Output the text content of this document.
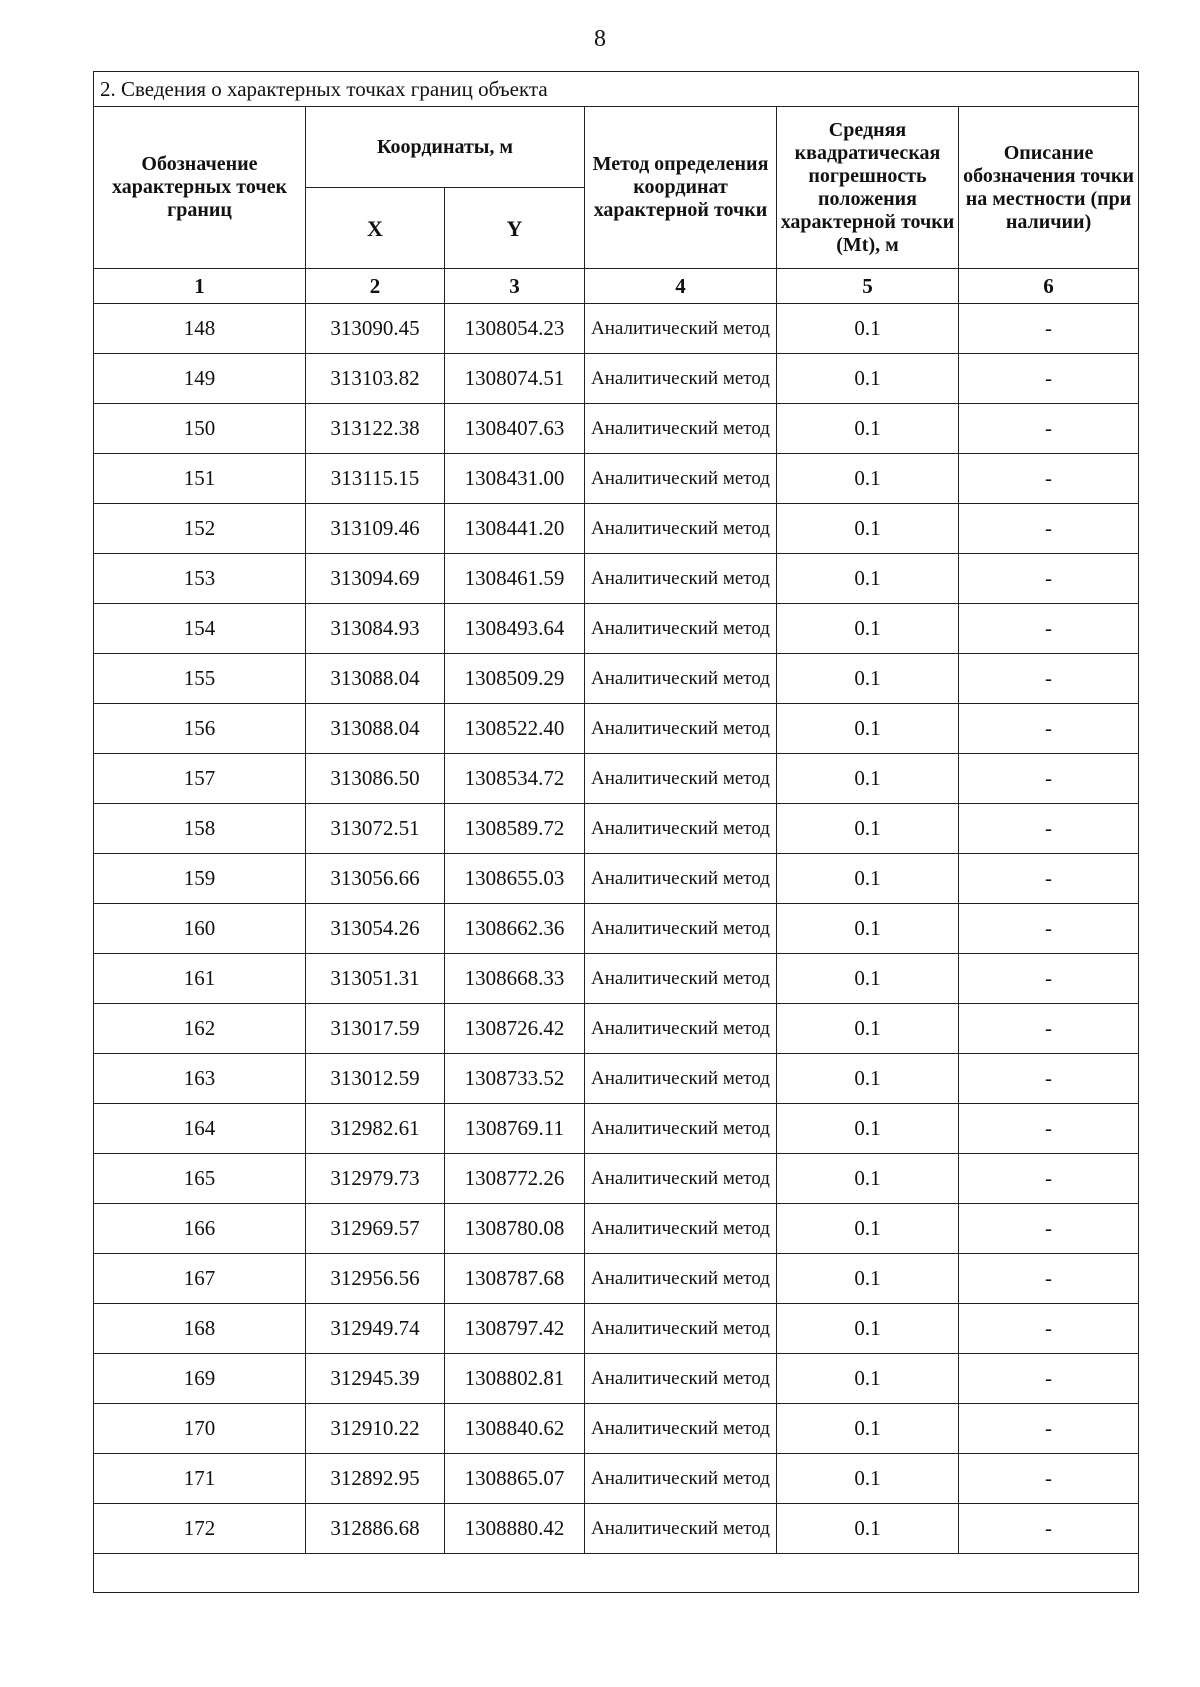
8
2. Сведения о характерных точках границ объекта					
Обозначение характерных точек границ	Координаты, м		Метод определения координат характерной точки	Средняя квадратическая погрешность положения характерной точки (Mt), м	Описание обозначения точки на местности (при наличии)
	X	Y			
1	2	3	4	5	6
148	313090.45	1308054.23	Аналитический метод	0.1	-
149	313103.82	1308074.51	Аналитический метод	0.1	-
150	313122.38	1308407.63	Аналитический метод	0.1	-
151	313115.15	1308431.00	Аналитический метод	0.1	-
152	313109.46	1308441.20	Аналитический метод	0.1	-
153	313094.69	1308461.59	Аналитический метод	0.1	-
154	313084.93	1308493.64	Аналитический метод	0.1	-
155	313088.04	1308509.29	Аналитический метод	0.1	-
156	313088.04	1308522.40	Аналитический метод	0.1	-
157	313086.50	1308534.72	Аналитический метод	0.1	-
158	313072.51	1308589.72	Аналитический метод	0.1	-
159	313056.66	1308655.03	Аналитический метод	0.1	-
160	313054.26	1308662.36	Аналитический метод	0.1	-
161	313051.31	1308668.33	Аналитический метод	0.1	-
162	313017.59	1308726.42	Аналитический метод	0.1	-
163	313012.59	1308733.52	Аналитический метод	0.1	-
164	312982.61	1308769.11	Аналитический метод	0.1	-
165	312979.73	1308772.26	Аналитический метод	0.1	-
166	312969.57	1308780.08	Аналитический метод	0.1	-
167	312956.56	1308787.68	Аналитический метод	0.1	-
168	312949.74	1308797.42	Аналитический метод	0.1	-
169	312945.39	1308802.81	Аналитический метод	0.1	-
170	312910.22	1308840.62	Аналитический метод	0.1	-
171	312892.95	1308865.07	Аналитический метод	0.1	-
172	312886.68	1308880.42	Аналитический метод	0.1	-
